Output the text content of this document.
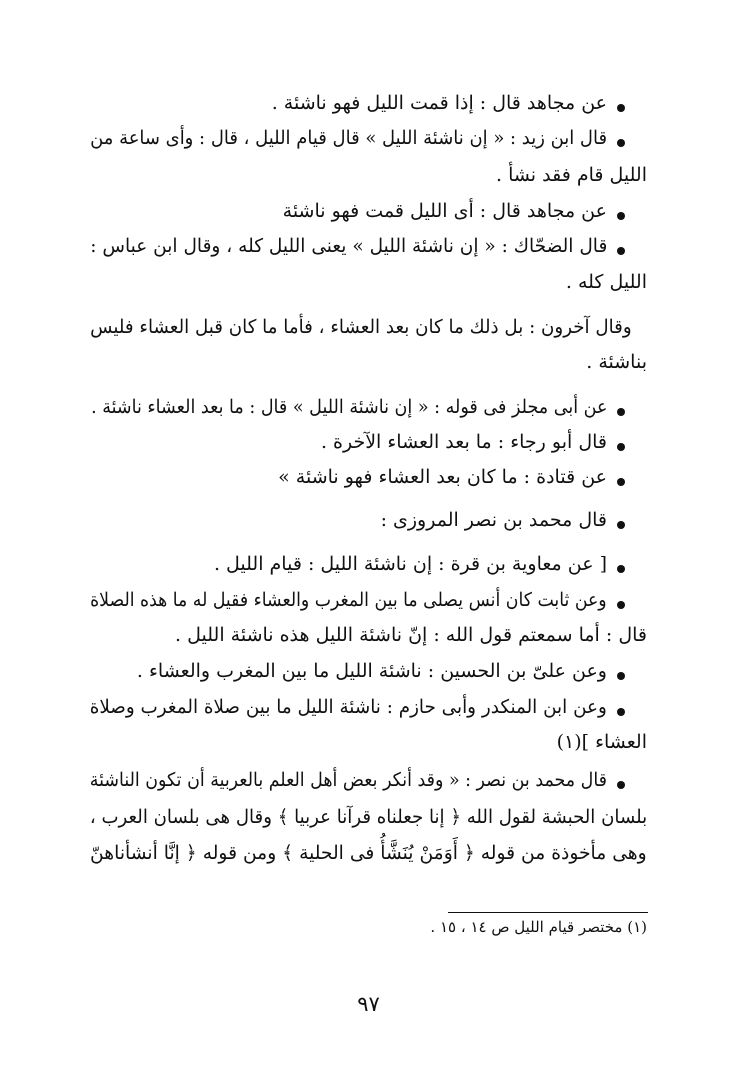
عن مجاهد قال : إذا قمت الليل فهو ناشئة .
قال ابن زيد : « إن ناشئة الليل » قال قيام الليل ، قال : وأى ساعة من
الليل قام فقد نشأ .
عن مجاهد قال : أى الليل قمت فهو ناشئة
قال الضحّاك : « إن ناشئة الليل » يعنى الليل كله ، وقال ابن عباس :
الليل كله .
وقال آخرون : بل ذلك ما كان بعد العشاء ، فأما ما كان قبل العشاء فليس
بناشئة .
عن أبى مجلز فى قوله : « إن ناشئة الليل » قال : ما بعد العشاء ناشئة .
قال أبو رجاء : ما بعد العشاء الآخرة .
عن قتادة : ما كان بعد العشاء فهو ناشئة »
قال محمد بن نصر المروزى :
[ عن معاوية بن قرة : إن ناشئة الليل : قيام الليل .
وعن ثابت كان أنس يصلى ما بين المغرب والعشاء فقيل له ما هذه الصلاة
قال : أما سمعتم قول الله : إنّ ناشئة الليل هذه ناشئة الليل .
وعن علىّ بن الحسين : ناشئة الليل ما بين المغرب والعشاء .
وعن ابن المنكدر وأبى حازم : ناشئة الليل ما بين صلاة المغرب وصلاة
العشاء ](١)
قال محمد بن نصر : « وقد أنكر بعض أهل العلم بالعربية أن تكون الناشئة
بلسان الحبشة لقول الله ﴿ إنا جعلناه قرآنا عربيا ﴾ وقال هى بلسان العرب ،
وهى مأخوذة من قوله ﴿ أَوَمَنْ يُنَشَّأُ فى الحلية ﴾ ومن قوله ﴿ إنَّا أنشأناهنّ
(١) مختصر قيام الليل ص ١٤ ، ١٥ .
٩٧
